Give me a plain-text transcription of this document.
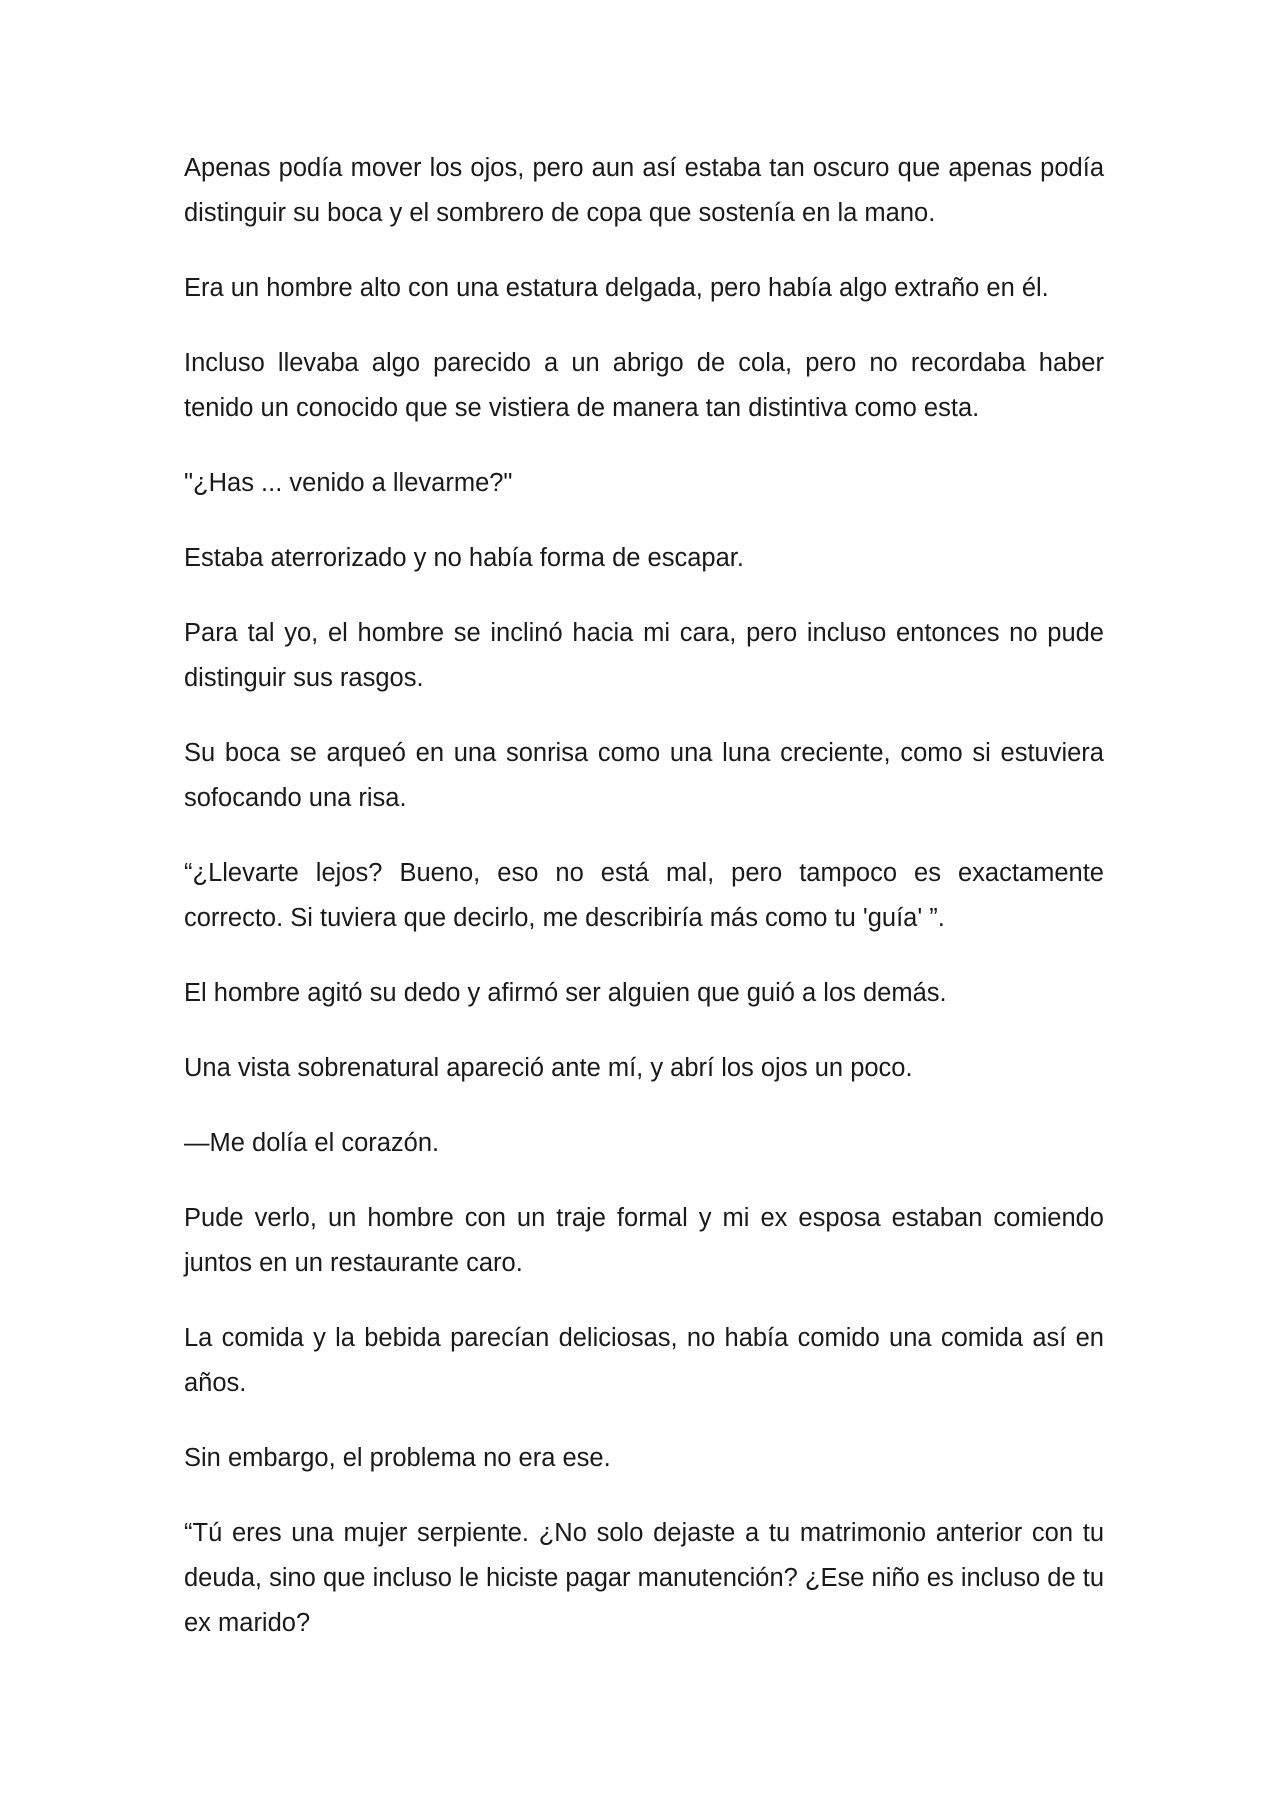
Apenas podía mover los ojos, pero aun así estaba tan oscuro que apenas podía distinguir su boca y el sombrero de copa que sostenía en la mano.

Era un hombre alto con una estatura delgada, pero había algo extraño en él.

Incluso llevaba algo parecido a un abrigo de cola, pero no recordaba haber tenido un conocido que se vistiera de manera tan distintiva como esta.

"¿Has ... venido a llevarme?"

Estaba aterrorizado y no había forma de escapar.

Para tal yo, el hombre se inclinó hacia mi cara, pero incluso entonces no pude distinguir sus rasgos.

Su boca se arqueó en una sonrisa como una luna creciente, como si estuviera sofocando una risa.

“¿Llevarte lejos? Bueno, eso no está mal, pero tampoco es exactamente correcto. Si tuviera que decirlo, me describiría más como tu 'guía' ”.

El hombre agitó su dedo y afirmó ser alguien que guió a los demás.

Una vista sobrenatural apareció ante mí, y abrí los ojos un poco.

—Me dolía el corazón.

Pude verlo, un hombre con un traje formal y mi ex esposa estaban comiendo juntos en un restaurante caro.

La comida y la bebida parecían deliciosas, no había comido una comida así en años.

Sin embargo, el problema no era ese.

“Tú eres una mujer serpiente. ¿No solo dejaste a tu matrimonio anterior con tu deuda, sino que incluso le hiciste pagar manutención? ¿Ese niño es incluso de tu ex marido?
